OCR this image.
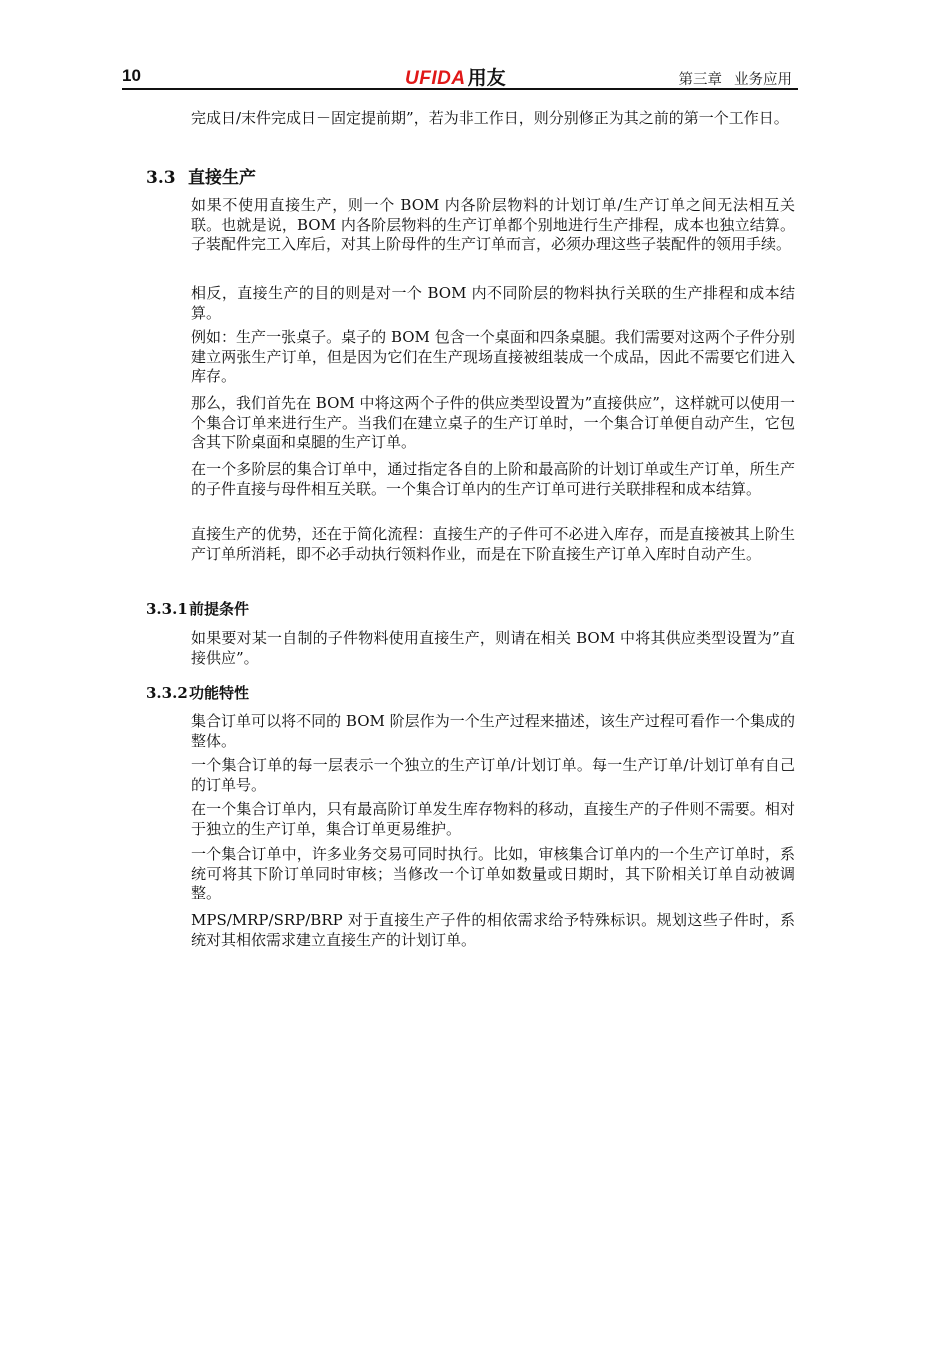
10	UFIDA 用友	第三章 业务应用

完成日/末件完成日－固定提前期”，若为非工作日，则分别修正为其之前的第一个工作日。

3.3 直接生产

如果不使用直接生产，则一个 BOM 内各阶层物料的计划订单/生产订单之间无法相互关联。也就是说，BOM 内各阶层物料的生产订单都个别地进行生产排程，成本也独立结算。子装配件完工入库后，对其上阶母件的生产订单而言，必须办理这些子装配件的领用手续。

相反，直接生产的目的则是对一个 BOM 内不同阶层的物料执行关联的生产排程和成本结算。

例如：生产一张桌子。桌子的 BOM 包含一个桌面和四条桌腿。我们需要对这两个子件分别建立两张生产订单，但是因为它们在生产现场直接被组装成一个成品，因此不需要它们进入库存。

那么，我们首先在 BOM 中将这两个子件的供应类型设置为”直接供应”，这样就可以使用一个集合订单来进行生产。当我们在建立桌子的生产订单时，一个集合订单便自动产生，它包含其下阶桌面和桌腿的生产订单。

在一个多阶层的集合订单中，通过指定各自的上阶和最高阶的计划订单或生产订单，所生产的子件直接与母件相互关联。一个集合订单内的生产订单可进行关联排程和成本结算。

直接生产的优势，还在于简化流程：直接生产的子件可不必进入库存，而是直接被其上阶生产订单所消耗，即不必手动执行领料作业，而是在下阶直接生产订单入库时自动产生。

3.3.1前提条件

如果要对某一自制的子件物料使用直接生产，则请在相关 BOM 中将其供应类型设置为”直接供应”。

3.3.2功能特性

集合订单可以将不同的 BOM 阶层作为一个生产过程来描述，该生产过程可看作一个集成的整体。

一个集合订单的每一层表示一个独立的生产订单/计划订单。每一生产订单/计划订单有自己的订单号。

在一个集合订单内，只有最高阶订单发生库存物料的移动，直接生产的子件则不需要。相对于独立的生产订单，集合订单更易维护。

一个集合订单中，许多业务交易可同时执行。比如，审核集合订单内的一个生产订单时，系统可将其下阶订单同时审核；当修改一个订单如数量或日期时，其下阶相关订单自动被调整。

MPS/MRP/SRP/BRP 对于直接生产子件的相依需求给予特殊标识。规划这些子件时，系统对其相依需求建立直接生产的计划订单。
